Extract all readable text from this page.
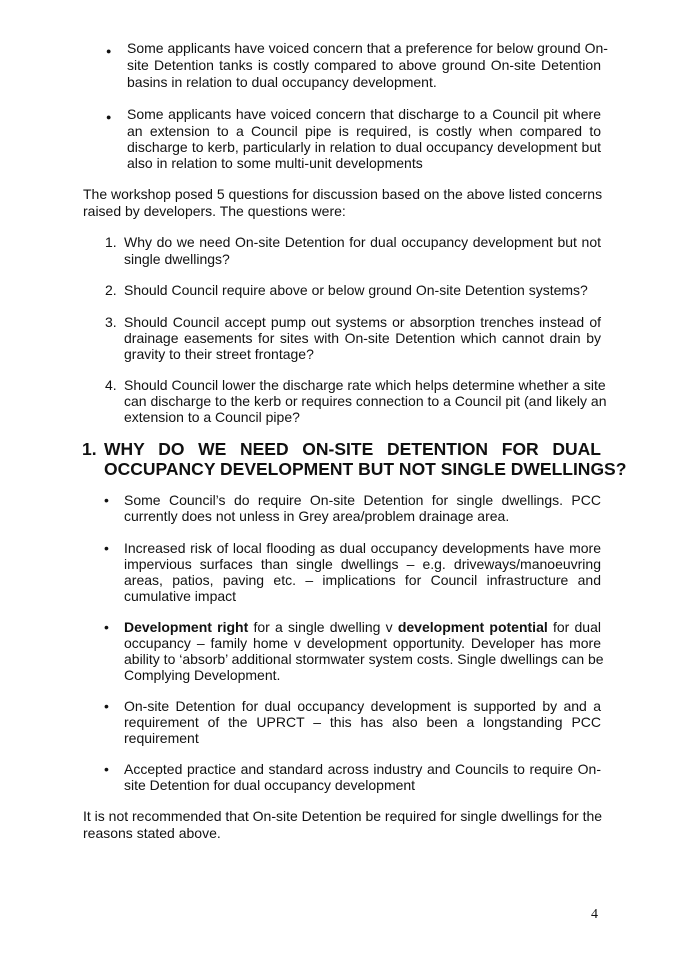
● Some applicants have voiced concern that a preference for below ground On-
site Detention tanks is costly compared to above ground On-site Detention
basins in relation to dual occupancy development.
● Some applicants have voiced concern that discharge to a Council pit where
an extension to a Council pipe is required, is costly when compared to
discharge to kerb, particularly in relation to dual occupancy development but
also in relation to some multi-unit developments
The workshop posed 5 questions for discussion based on the above listed concerns
raised by developers. The questions were:
1. Why do we need On-site Detention for dual occupancy development but not
single dwellings?
2. Should Council require above or below ground On-site Detention systems?
3. Should Council accept pump out systems or absorption trenches instead of
drainage easements for sites with On-site Detention which cannot drain by
gravity to their street frontage?
4. Should Council lower the discharge rate which helps determine whether a site
can discharge to the kerb or requires connection to a Council pit (and likely an
extension to a Council pipe?
1. WHY DO WE NEED ON-SITE DETENTION FOR DUAL
OCCUPANCY DEVELOPMENT BUT NOT SINGLE DWELLINGS?
• Some Council’s do require On-site Detention for single dwellings. PCC
currently does not unless in Grey area/problem drainage area.
• Increased risk of local flooding as dual occupancy developments have more
impervious surfaces than single dwellings – e.g. driveways/manoeuvring
areas, patios, paving etc. – implications for Council infrastructure and
cumulative impact
• Development right for a single dwelling v development potential for dual
occupancy – family home v development opportunity. Developer has more
ability to ‘absorb’ additional stormwater system costs. Single dwellings can be
Complying Development.
• On-site Detention for dual occupancy development is supported by and a
requirement of the UPRCT – this has also been a longstanding PCC
requirement
• Accepted practice and standard across industry and Councils to require On-
site Detention for dual occupancy development
It is not recommended that On-site Detention be required for single dwellings for the
reasons stated above.
4
